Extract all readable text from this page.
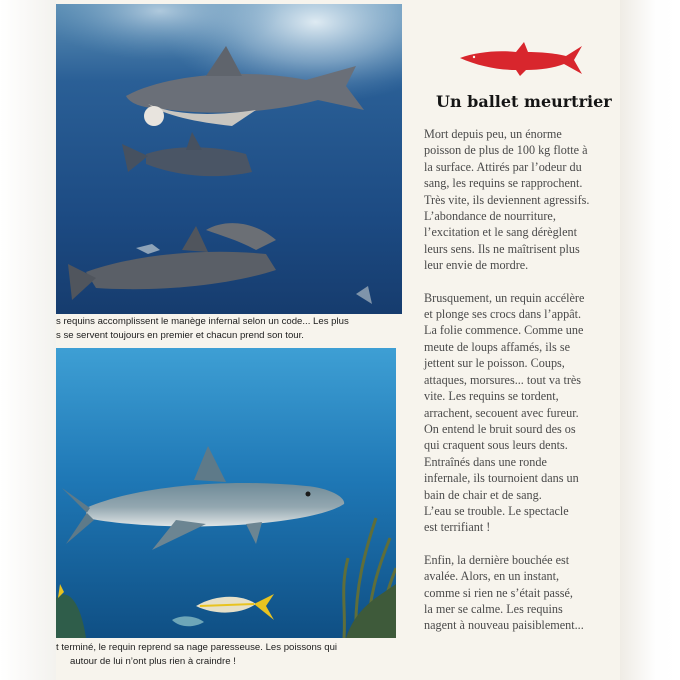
s requins accomplissent le manège infernal selon un code... Les plus

s se servent toujours en premier et chacun prend son tour.

t terminé, le requin reprend sa nage paresseuse. Les poissons qui

autour de lui n’ont plus rien à craindre !

Un ballet meurtrier
Mort depuis peu, un énorme
poisson de plus de 100 kg flotte à
la surface. Attirés par l’odeur du
sang, les requins se rapprochent.
Très vite, ils deviennent agressifs.
L’abondance de nourriture,
l’excitation et le sang dérèglent
leurs sens. Ils ne maîtrisent plus
leur envie de mordre.
Brusquement, un requin accélère
et plonge ses crocs dans l’appât.
La folie commence. Comme une
meute de loups affamés, ils se
jettent sur le poisson. Coups,
attaques, morsures... tout va très
vite. Les requins se tordent,
arrachent, secouent avec fureur.
On entend le bruit sourd des os
qui craquent sous leurs dents.
Entraînés dans une ronde
infernale, ils tournoient dans un
bain de chair et de sang.
L’eau se trouble. Le spectacle
est terrifiant !
Enfin, la dernière bouchée est
avalée. Alors, en un instant,
comme si rien ne s’était passé,
la mer se calme. Les requins
nagent à nouveau paisiblement...
